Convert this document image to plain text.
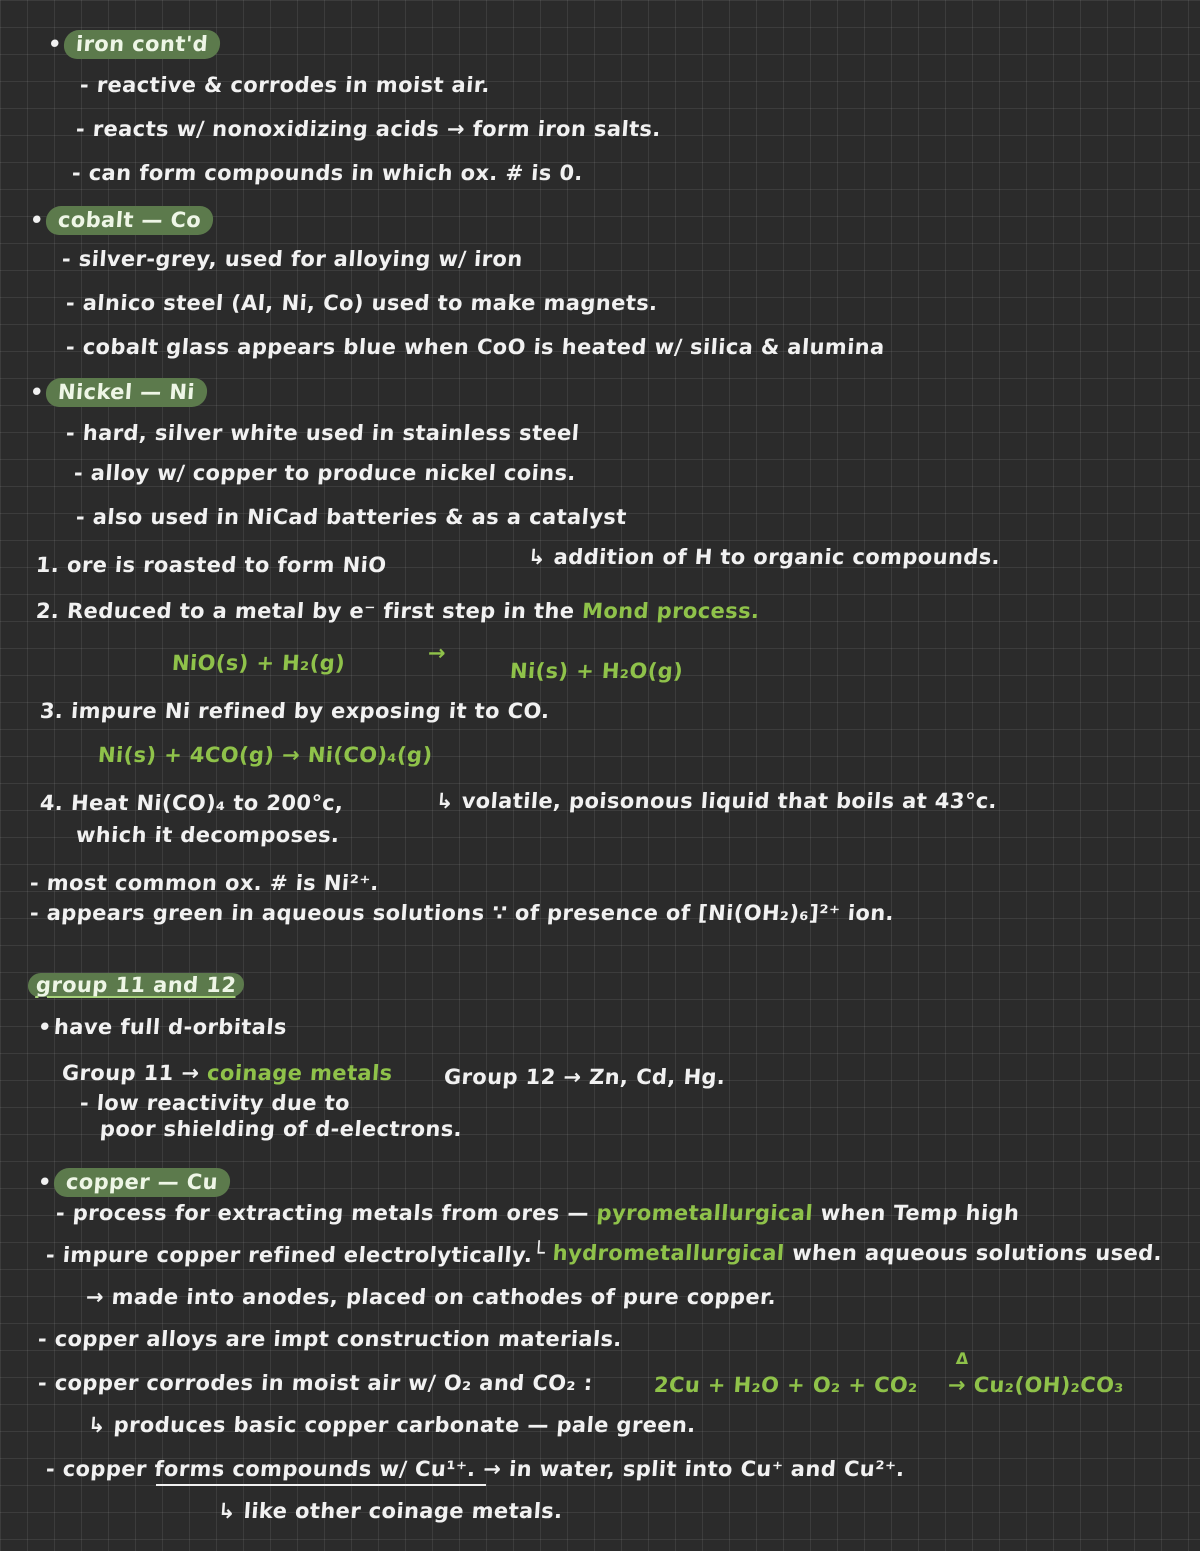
• iron cont'd
- reactive & corrodes in moist air.
- reacts w/ nonoxidizing acids → form iron salts.
- can form compounds in which ox. # is 0.
• cobalt — Co
- silver-grey, used for alloying w/ iron
- alnico steel (Al, Ni, Co) used to make magnets.
- cobalt glass appears blue when CoO is heated w/ silica & alumina
• Nickel — Ni
- hard, silver white used in stainless steel
- alloy w/ copper to produce nickel coins.
- also used in NiCad batteries & as a catalyst
1. ore is roasted to form NiO	↳ addition of H to organic compounds.
2. Reduced to a metal by e⁻ first step in the Mond process.
NiO(s) + H₂(g)	→
Ni(s) + H₂O(g)
3. impure Ni refined by exposing it to CO.
Ni(s) + 4CO(g) → Ni(CO)₄(g)
4. Heat Ni(CO)₄ to 200°c,
which it decomposes.
↳ volatile, poisonous liquid that boils at 43°c.
- most common ox. # is Ni²⁺.
- appears green in aqueous solutions ∵ of presence of [Ni(OH₂)₆]²⁺ ion.
group 11 and 12
•have full d-orbitals
Group 11 → coinage metals Group 12 → Zn, Cd, Hg.
- low reactivity due to
poor shielding of d-electrons.
• copper — Cu
- process for extracting metals from ores — pyrometallurgical when Temp high
- impure copper refined electrolytically.
└ hydrometallurgical when aqueous solutions used.
→ made into anodes, placed on cathodes of pure copper.
- copper alloys are impt construction materials.
- copper corrodes in moist air w/ O₂ and CO₂ :	2Cu + H₂O + O₂ + CO₂
Δ
→ Cu₂(OH)₂CO₃
↳ produces basic copper carbonate — pale green.
- copper forms compounds w/ Cu¹⁺. → in water, split into Cu⁺ and Cu²⁺.
↳ like other coinage metals.
